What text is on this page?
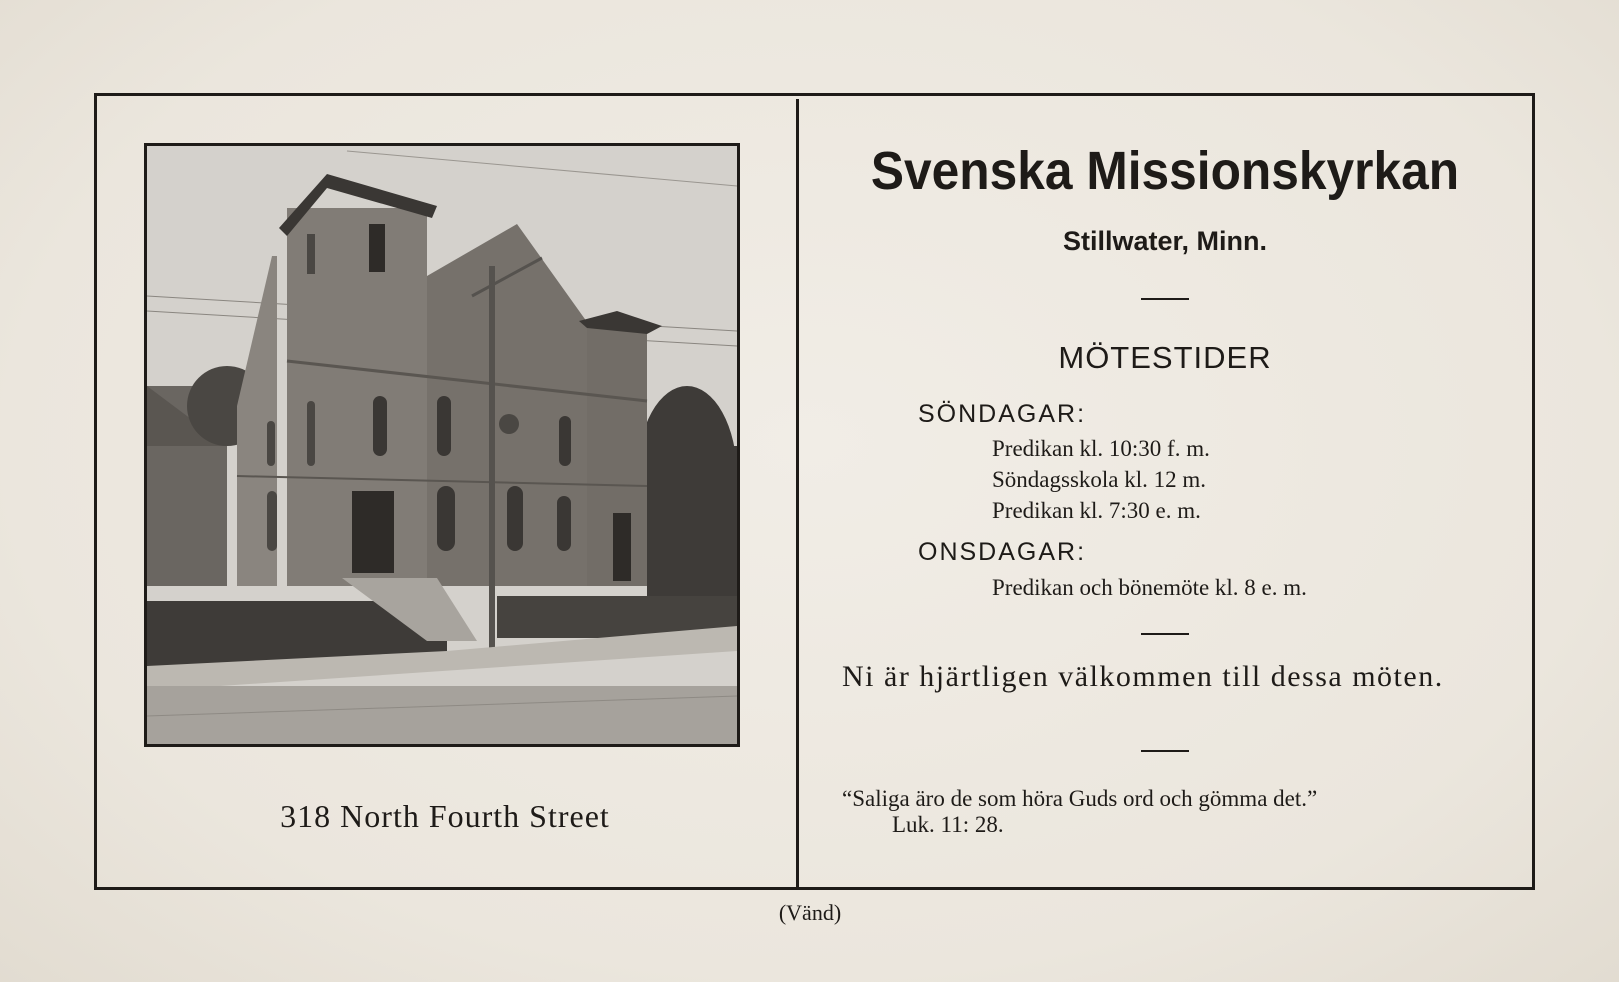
318 North Fourth Street
Svenska Missionskyrkan
Stillwater, Minn.
MÖTESTIDER
SÖNDAGAR:
Predikan kl. 10:30 f. m.
Söndagsskola kl. 12 m.
Predikan kl. 7:30 e. m.
ONSDAGAR:
Predikan och bönemöte kl. 8 e. m.
Ni är hjärtligen välkommen till dessa möten.
“Saliga äro de som höra Guds ord och gömma det.”
Luk. 11: 28.
(Vänd)
